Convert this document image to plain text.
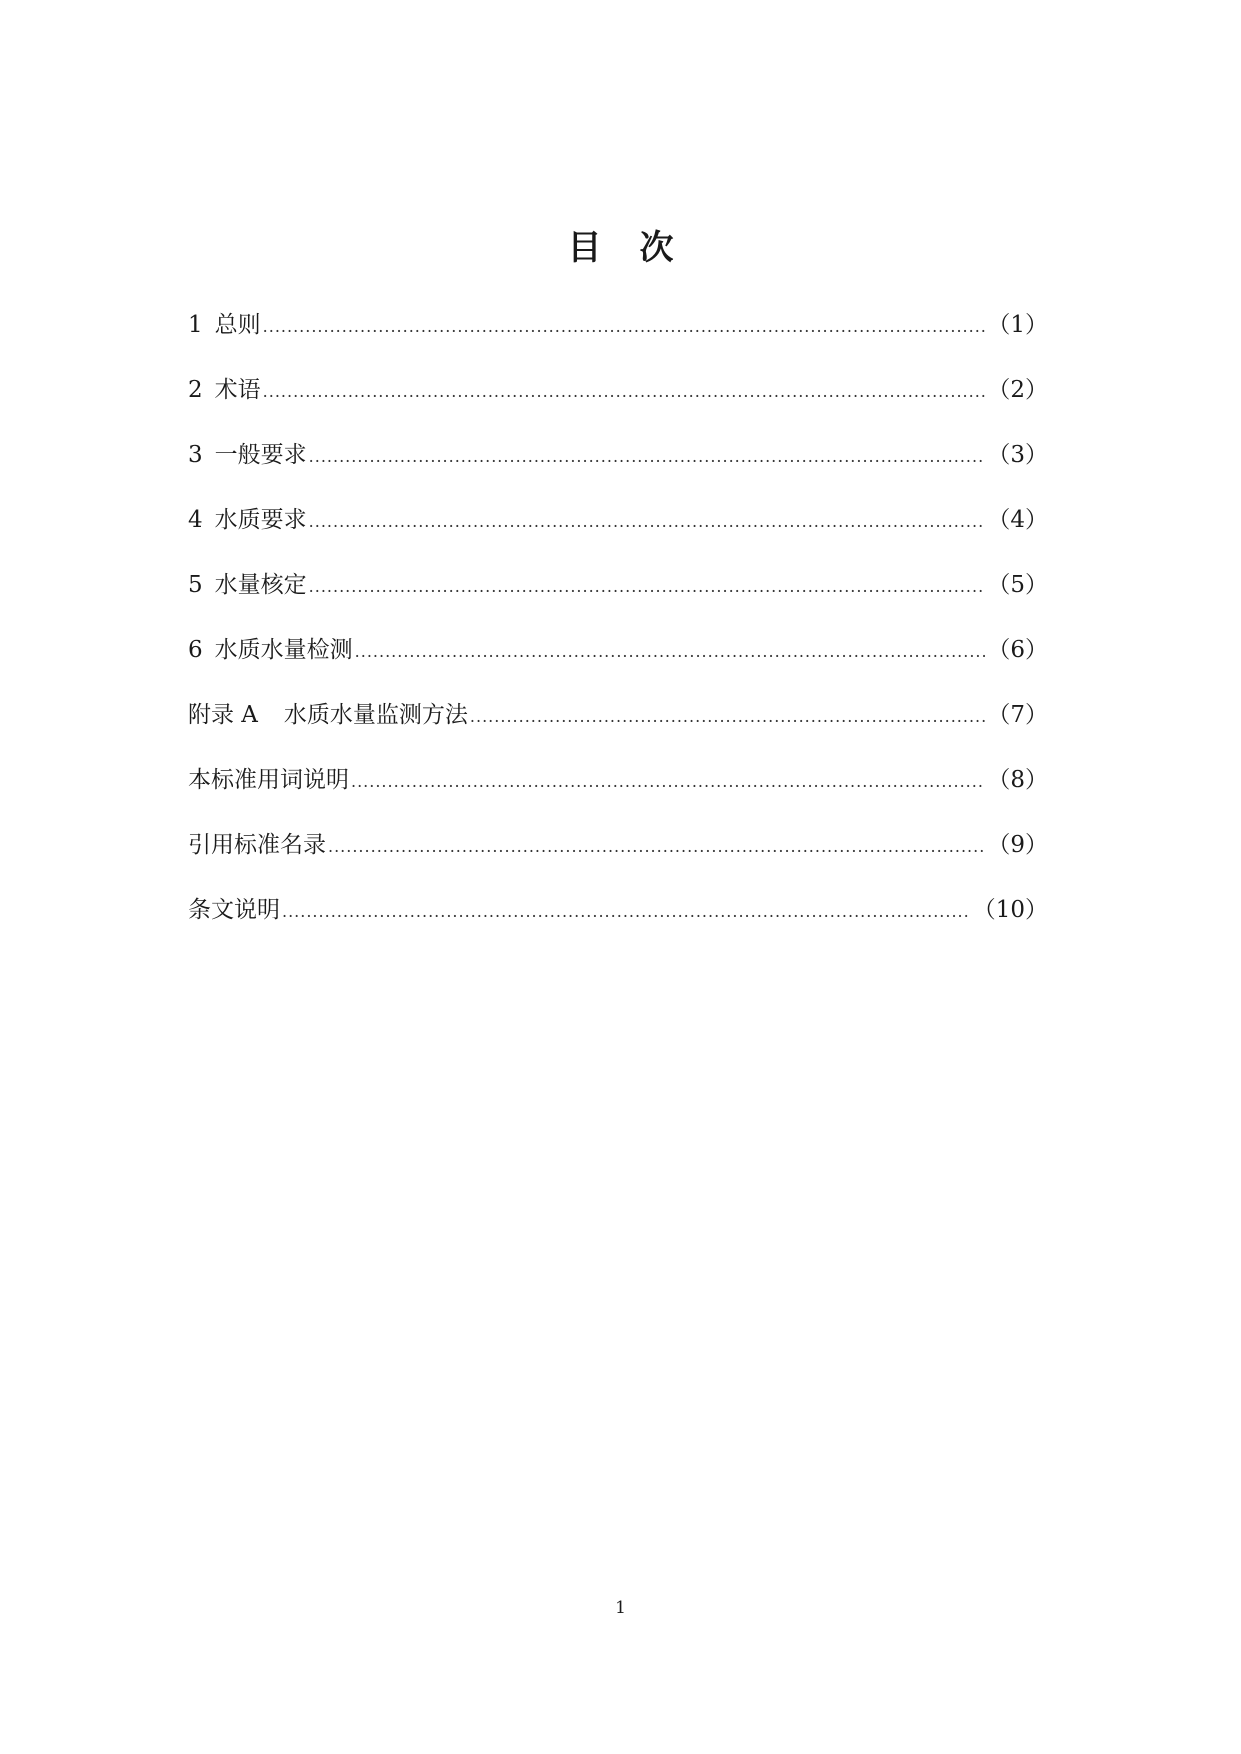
目 次
1 总则 .....	（1）
2 术语 .....	（2）
3 一般要求 .....	（3）
4 水质要求 .....	（4）
5 水量核定 .....	（5）
6 水质水量检测 .....	（6）
附录 A 水质水量监测方法 .....	（7）
本标准用词说明 .....	（8）
引用标准名录 .....	（9）
条文说明 .....	（10）
1
